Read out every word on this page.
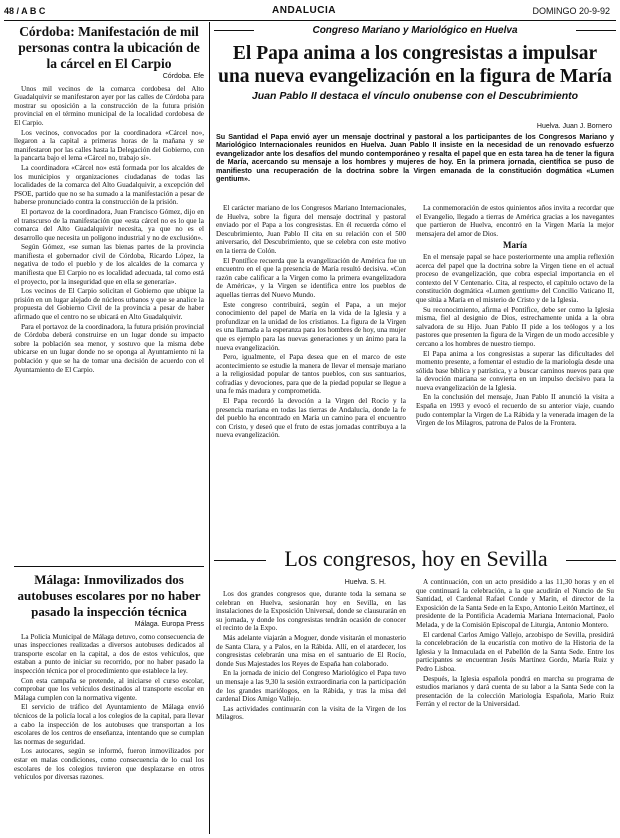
48 / A B C	ANDALUCIA	DOMINGO 20-9-92
Córdoba: Manifestación de mil personas contra la ubicación de la cárcel en El Carpio
Córdoba. Efe

Unos mil vecinos de la comarca cordobesa del Alto Guadalquivir se manifestaron ayer por las calles de Córdoba para mostrar su oposición a la construcción de la futura prisión provincial en el término municipal de la localidad cordobesa de El Carpio.

Los vecinos, convocados por la coordinadora «Cárcel no», llegaron a la capital a primeras horas de la mañana y se manifestaron por las calles hasta la Delegación del Gobierno, con la pancarta bajo el lema «Cárcel no, trabajo sí».

La coordinadora «Cárcel no» está formada por los alcaldes de los municipios y organizaciones ciudadanas de todas las localidades de la comarca del Alto Guadalquivir, a excepción del PSOE, partido que no se ha sumado a la manifestación a pesar de haberse pronunciado contra la construcción de la prisión.

El portavoz de la coordinadora, Juan Francisco Gómez, dijo en el transcurso de la manifestación que «esta cárcel no es lo que la comarca del Alto Guadalquivir necesita, ya que no es el desarrollo que necesita un polígono industrial y no de exclusión».

Según Gómez, «se suman las bienas partes de la provincia manifiesta el gobernador civil de Córdoba, Ricardo López, la negativa de todo el pueblo y de los alcaldes de la comarca y manifiesta que El Carpio no es localidad adecuada, tal como está el proyecto, por la inseguridad que en ella se generaría».

Los vecinos de El Carpio solicitan el Gobierno que ubique la prisión en un lugar alejado de núcleos urbanos y que se analice la propuesta del Gobierno Civil de la provincia a pesar de haber afirmado que el centro no se ubicará en Alto Guadalquivir.

Para el portavoz de la coordinadora, la futura prisión provincial de Córdoba deberá construirse en un lugar donde su impacto sobre la población sea menor, y sostuvo que la misma debe ubicarse en un lugar donde no se oponga al Ayuntamiento ni la población y que se ha de tomar una decisión de acuerdo con el Ayuntamiento de El Carpio.

Málaga: Inmovilizados dos autobuses escolares por no haber pasado la inspección técnica
Málaga. Europa Press

La Policía Municipal de Málaga detuvo, como consecuencia de unas inspecciones realizadas a diversos autobuses dedicados al transporte escolar en la capital, a dos de estos vehículos, que estaban a punto de iniciar su recorrido, por no haber pasado la inspección técnica por el procedimiento que establece la ley.

Con esta campaña se pretende, al iniciarse el curso escolar, comprobar que los vehículos destinados al transporte escolar en Málaga cumplen con la normativa vigente.

El servicio de tráfico del Ayuntamiento de Málaga envió técnicos de la policía local a los colegios de la capital, para llevar a cabo la inspección de los autobuses que transportan a los escolares de los centros de enseñanza, intentando que se cumplan las normas de seguridad.

Los autocares, según se informó, fueron inmovilizados por estar en malas condiciones, como consecuencia de lo cual los escolares de los colegios tuvieron que desplazarse en otros vehículos por diversas razones.

Congreso Mariano y Mariológico en Huelva
El Papa anima a los congresistas a impulsar una nueva evangelización en la figura de María
Juan Pablo II destaca el vínculo onubense con el Descubrimiento
Huelva. Juan J. Bornero
Su Santidad el Papa envió ayer un mensaje doctrinal y pastoral a los participantes de los Congresos Mariano y Mariológico Internacionales reunidos en Huelva. Juan Pablo II insiste en la necesidad de un renovado esfuerzo evangelizador ante los desafíos del mundo contemporáneo y resalta el papel que en esta tarea ha de tener la figura de María, acercando su mensaje a los hombres y mujeres de hoy. En la primera jornada, científica se puso de manifiesto una recuperación de la doctrina sobre la Virgen emanada de la constitución dogmática «Lumen gentium».

El carácter mariano de los Congresos Mariano Internacionales, de Huelva, sobre la figura del mensaje doctrinal y pastoral enviado por el Papa a los congresistas. En él recuerda cómo el Descubrimiento, Juan Pablo II cita en su relación con el 500 aniversario, del Descubrimiento, que se celebra con este motivo en la tierra de Colón.

El Pontífice recuerda que la evangelización de América fue un encuentro en el que la presencia de María resultó decisiva. «Con razón cabe calificar a la Virgen como la primera evangelizadora de América», y la Virgen se identifica entre los pueblos de aquellas tierras del Nuevo Mundo.

Este congreso contribuirá, según el Papa, a un mejor conocimiento del papel de María en la vida de la Iglesia y a profundizar en la unidad de los cristianos. La figura de la Virgen es una llamada a la esperanza para los hombres de hoy, una mujer que es ejemplo para las nuevas generaciones y un ánimo para la nueva evangelización.

Pero, igualmente, el Papa desea que en el marco de este acontecimiento se estudie la manera de llevar el mensaje mariano a la religiosidad popular de tantos pueblos, con sus santuarios, cofradías y devociones, para que de la piedad popular se llegue a una fe más madura y comprometida.

El Papa recordó la devoción a la Virgen del Rocío y la presencia mariana en todas las tierras de Andalucía, donde la fe del pueblo ha encontrado en María un camino para el encuentro con Cristo, y deseó que el fruto de estas jornadas contribuya a la nueva evangelización.

La conmemoración de estos quinientos años invita a recordar que el Evangelio, llegado a tierras de América gracias a los navegantes que partieron de Huelva, encontró en la Virgen María la mejor mensajera del amor de Dios.

María

En el mensaje papal se hace posteriormente una amplia reflexión acerca del papel que la doctrina sobre la Virgen tiene en el actual proceso de evangelización, que cobra especial importancia en el contexto del V Centenario. Cita, al respecto, el capítulo octavo de la constitución dogmática «Lumen gentium» del Concilio Vaticano II, que sitúa a María en el misterio de Cristo y de la Iglesia.

Su reconocimiento, afirma el Pontífice, debe ser como la Iglesia misma, fiel al designio de Dios, estrechamente unida a la obra salvadora de su Hijo. Juan Pablo II pide a los teólogos y a los pastores que presenten la figura de la Virgen de un modo accesible y cercano a los hombres de nuestro tiempo.

El Papa anima a los congresistas a superar las dificultades del momento presente, a fomentar el estudio de la mariología desde una sólida base bíblica y patrística, y a buscar caminos nuevos para que la devoción mariana se convierta en un impulso decisivo para la nueva evangelización de la Iglesia.

En la conclusión del mensaje, Juan Pablo II anunció la visita a España en 1993 y evocó el recuerdo de su anterior viaje, cuando pudo contemplar la Virgen de La Rábida y la venerada imagen de la Virgen de los Milagros, patrona de Palos de la Frontera.

Los congresos, hoy en Sevilla
Huelva. S. H.

Los dos grandes congresos que, durante toda la semana se celebran en Huelva, sesionarán hoy en Sevilla, en las instalaciones de la Exposición Universal, donde se clausurarán en su jornada, y donde los congresistas tendrán ocasión de conocer el recinto de la Expo.

Más adelante viajarán a Moguer, donde visitarán el monasterio de Santa Clara, y a Palos, en la Rábida. Allí, en el atardecer, los congresistas celebrarán una misa en el santuario de El Rocío, donde Sus Majestades los Reyes de España han colaborado.

En la jornada de inicio del Congreso Mariológico el Papa tuvo un mensaje a las 9,30 la sesión extraordinaria con la participación de los grandes mariólogos, en la Rábida, y tras la misa del cardenal Dios Amigo Vallejo.

Las actividades continuarán con la visita de la Virgen de los Milagros.

A continuación, con un acto presidido a las 11,30 horas y en el que continuará la celebración, a la que acudirán el Nuncio de Su Santidad, el Cardenal Rafael Conde y Marín, el director de la Exposición de la Santa Sede en la Expo, Antonio Leitón Martínez, el presidente de la Pontificia Academia Mariana Internacional, Paolo Melada, y de la Comisión Episcopal de Liturgia, Antonio Montero.

El cardenal Carlos Amigo Vallejo, arzobispo de Sevilla, presidirá la concelebración de la eucaristía con motivo de la Historia de la Iglesia y la Inmaculada en el Pabellón de la Santa Sede. Entre los participantes se encuentran Jesús Martínez Gordo, María Ruiz y Pedro Lisboa.

Después, la Iglesia española pondrá en marcha su programa de estudios marianos y dará cuenta de su labor a la Santa Sede con la presentación de la colección Mariología Española, Mario Ruiz Ferrán y el rector de la Universidad.
